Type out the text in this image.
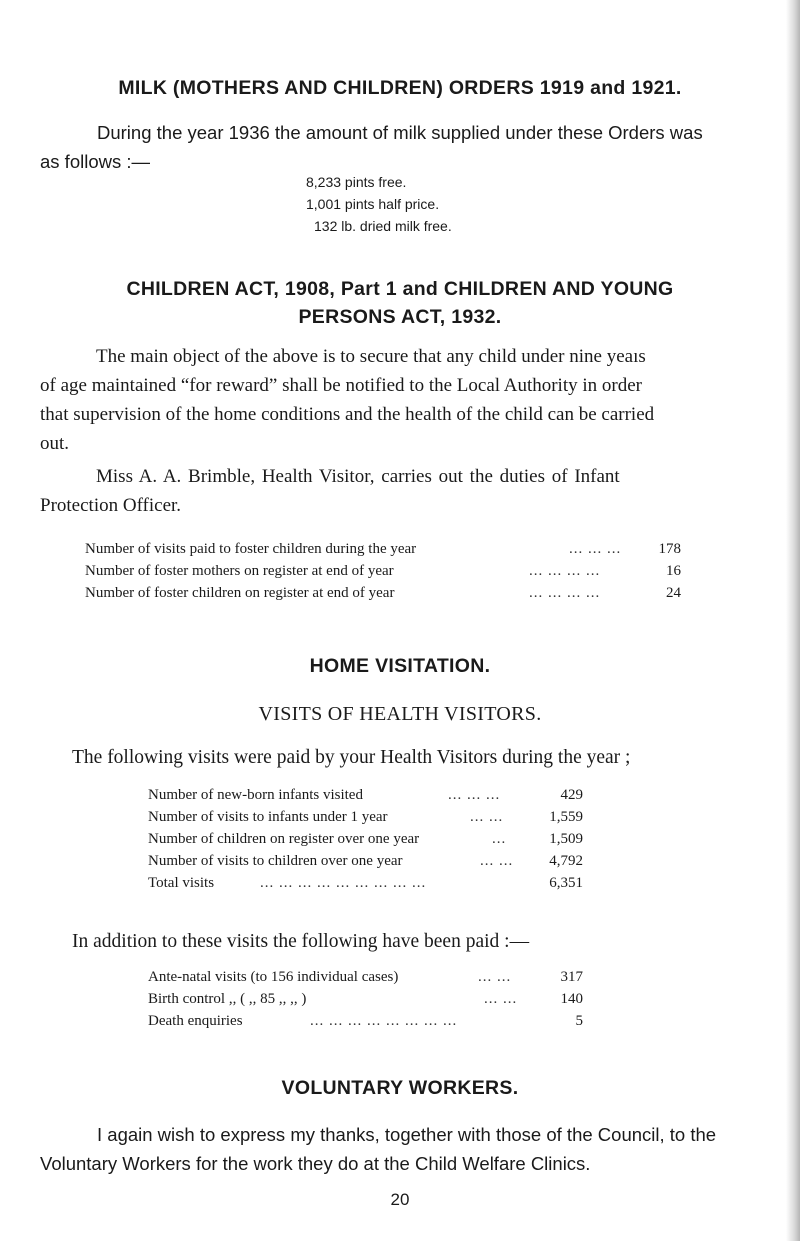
MILK (MOTHERS AND CHILDREN) ORDERS 1919 and 1921.
During the year 1936 the amount of milk supplied under these Orders was
as follows :—
8,233 pints free.
1,001 pints half price.
132 lb. dried milk free.
CHILDREN ACT, 1908, Part 1 and CHILDREN AND YOUNG
PERSONS ACT, 1932.
The main object of the above is to secure that any child under nine yeaıs
of age maintained “for reward” shall be notified to the Local Authority in order
that supervision of the home conditions and the health of the child can be carried
out.
Miss A. A. Brimble, Health Visitor, carries out the duties of Infant
Protection Officer.
Number of visits paid to foster children during the year	... ... ...	178
Number of foster mothers on register at end of year	... ... ... ...	16
Number of foster children on register at end of year	... ... ... ...	24
HOME VISITATION.
VISITS OF HEALTH VISITORS.
The following visits were paid by your Health Visitors during the year ;
Number of new-born infants visited	... ... ...	429
Number of visits to infants under 1 year	... ...	1,559
Number of children on register over one year	...	1,509
Number of visits to children over one year	... ...	4,792
Total visits	... ... ... ... ... ... ... ... ...	6,351
In addition to these visits the following have been paid :—
Ante-natal visits (to 156 individual cases)	... ...	317
Birth control ,, ( ,, 85 ,, ,, )	... ...	140
Death enquiries	... ... ... ... ... ... ... ...	5
VOLUNTARY WORKERS.
I again wish to express my thanks, together with those of the Council, to the
Voluntary Workers for the work they do at the Child Welfare Clinics.
20
